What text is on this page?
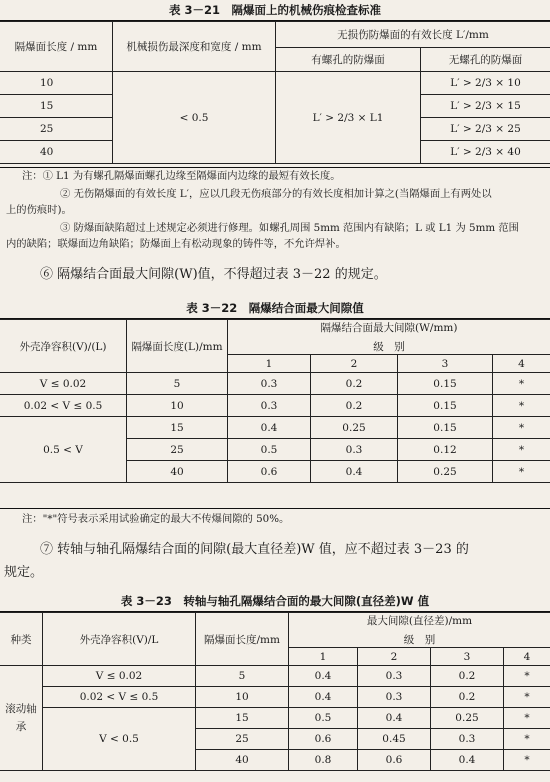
表 3－21　隔爆面上的机械伤痕检查标准
隔爆面长度 / mm	机械损伤最深度和宽度 / mm	无损伤防爆面的有效长度 L′/mm	
		有螺孔的防爆面	无螺孔的防爆面
10	< 0.5	L′ > 2/3 × L1	L′ > 2/3 × 10
15			L′ > 2/3 × 15
25			L′ > 2/3 × 25
40			L′ > 2/3 × 40
注：① L1 为有螺孔隔爆面螺孔边缘至隔爆面内边缘的最短有效长度。
② 无伤隔爆面的有效长度 L′，应以几段无伤痕部分的有效长度相加计算之(当隔爆面上有两处以
上的伤痕时)。
③ 防爆面缺陷超过上述规定必须进行修理。如螺孔周围 5mm 范围内有缺陷；L 或 L1 为 5mm 范围
内的缺陷；联爆面边角缺陷；防爆面上有松动现象的铸件等，不允许焊补。
⑥ 隔爆结合面最大间隙(W)值，不得超过表 3－22 的规定。
表 3－22　隔爆结合面最大间隙值
外壳净容积(V)/(L)	隔爆面长度(L)/mm	隔爆结合面最大间隙(W/mm)
级　别			

		1	2	3	4
V ≤ 0.02	5	0.3	0.2	0.15	*
0.02 < V ≤ 0.5	10	0.3	0.2	0.15	*
0.5 < V	15	0.4	0.25	0.15	*
	25	0.5	0.3	0.12	*
	40	0.6	0.4	0.25	*
注："*"符号表示采用试验确定的最大不传爆间隙的 50%。
⑦ 转轴与轴孔隔爆结合面的间隙(最大直径差)W 值，应不超过表 3－23 的
规定。
表 3－23　转轴与轴孔隔爆结合面的最大间隙(直径差)W 值
种类	外壳净容积(V)/L	隔爆面长度/mm	最大间隙(直径差)/mm
级　别			

			1	2	3	4
滚动轴承	V ≤ 0.02	5	0.4	0.3	0.2	*
	0.02 < V ≤ 0.5	10	0.4	0.3	0.2	*
	V < 0.5	15	0.5	0.4	0.25	*
		25	0.6	0.45	0.3	*
		40	0.8	0.6	0.4	*
